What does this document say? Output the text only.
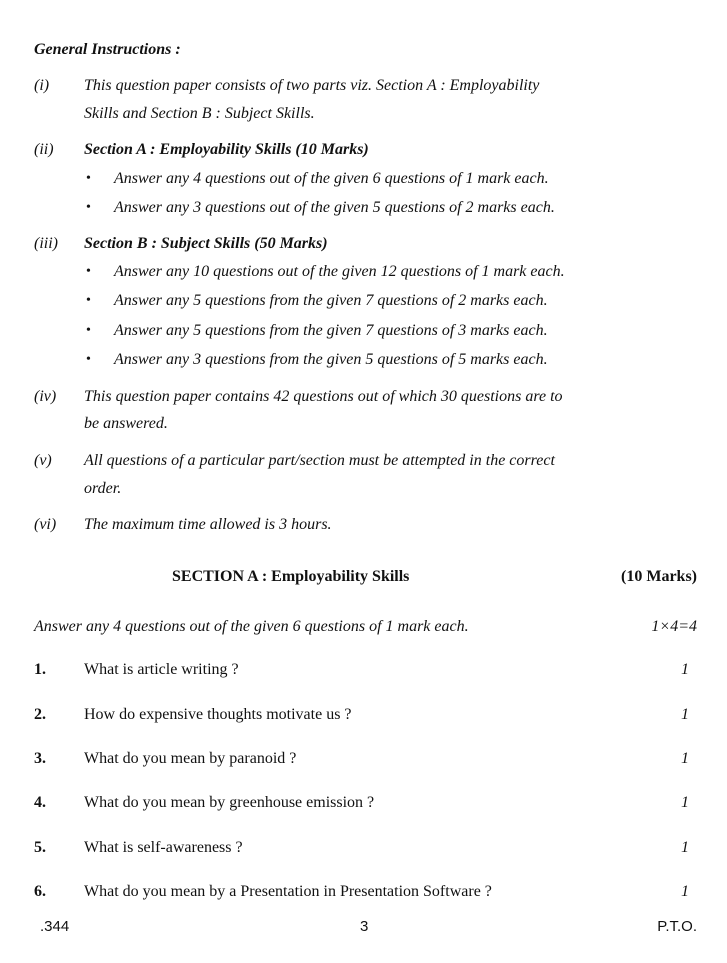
General Instructions :
(i) This question paper consists of two parts viz. Section A : Employability
Skills and Section B : Subject Skills.
(ii) Section A : Employability Skills (10 Marks)
• Answer any 4 questions out of the given 6 questions of 1 mark each.
• Answer any 3 questions out of the given 5 questions of 2 marks each.
(iii) Section B : Subject Skills (50 Marks)
• Answer any 10 questions out of the given 12 questions of 1 mark each.
• Answer any 5 questions from the given 7 questions of 2 marks each.
• Answer any 5 questions from the given 7 questions of 3 marks each.
• Answer any 3 questions from the given 5 questions of 5 marks each.
(iv) This question paper contains 42 questions out of which 30 questions are to
be answered.
(v) All questions of a particular part/section must be attempted in the correct
order.
(vi) The maximum time allowed is 3 hours.
SECTION A : Employability Skills	(10 Marks)
Answer any 4 questions out of the given 6 questions of 1 mark each.	1×4=4
1. What is article writing ?	1
2. How do expensive thoughts motivate us ?	1
3. What do you mean by paranoid ?	1
4. What do you mean by greenhouse emission ?	1
5. What is self-awareness ?	1
6. What do you mean by a Presentation in Presentation Software ?	1
.344	3	P.T.O.
